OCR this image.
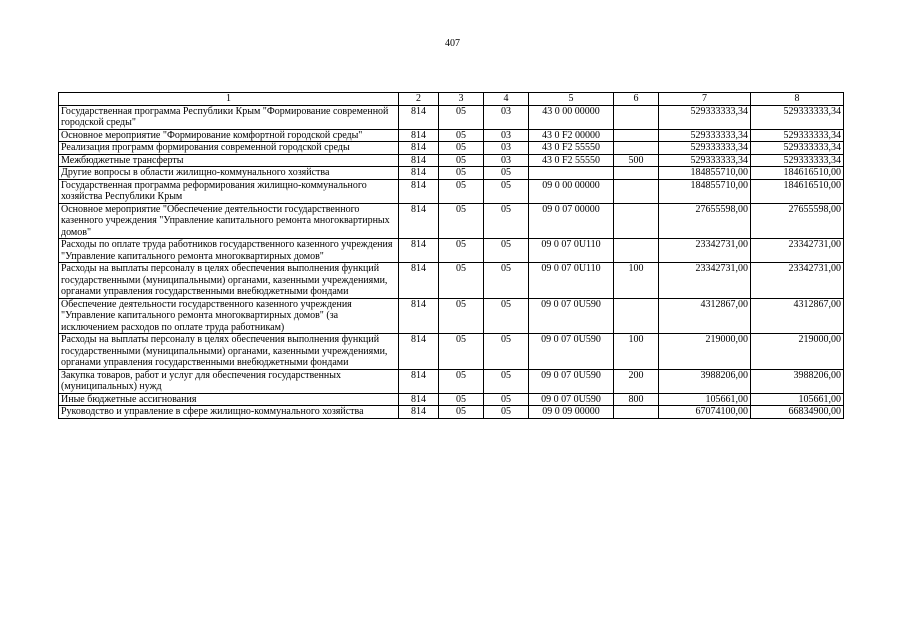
407
1	2	3	4	5	6	7	8
Государственная программа Республики Крым "Формирование современной городской среды"	814	05	03	43 0 00 00000		529333333,34	529333333,34
Основное мероприятие "Формирование комфортной городской среды"	814	05	03	43 0 F2 00000		529333333,34	529333333,34
Реализация программ формирования современной городской среды	814	05	03	43 0 F2 55550		529333333,34	529333333,34
Межбюджетные трансферты	814	05	03	43 0 F2 55550	500	529333333,34	529333333,34
Другие вопросы в области жилищно-коммунального хозяйства	814	05	05			184855710,00	184616510,00
Государственная программа реформирования жилищно-коммунального хозяйства Республики Крым	814	05	05	09 0 00 00000		184855710,00	184616510,00
Основное мероприятие "Обеспечение деятельности государственного казенного учреждения "Управление капитального ремонта многоквартирных домов"	814	05	05	09 0 07 00000		27655598,00	27655598,00
Расходы по оплате труда работников государственного казенного учреждения "Управление капитального ремонта многоквартирных домов"	814	05	05	09 0 07 0U110		23342731,00	23342731,00
Расходы на выплаты персоналу в целях обеспечения выполнения функций государственными (муниципальными) органами, казенными учреждениями, органами управления государственными внебюджетными фондами	814	05	05	09 0 07 0U110	100	23342731,00	23342731,00
Обеспечение деятельности государственного казенного учреждения "Управление капитального ремонта многоквартирных домов" (за исключением расходов по оплате труда работникам)	814	05	05	09 0 07 0U590		4312867,00	4312867,00
Расходы на выплаты персоналу в целях обеспечения выполнения функций государственными (муниципальными) органами, казенными учреждениями, органами управления государственными внебюджетными фондами	814	05	05	09 0 07 0U590	100	219000,00	219000,00
Закупка товаров, работ и услуг для обеспечения государственных (муниципальных) нужд	814	05	05	09 0 07 0U590	200	3988206,00	3988206,00
Иные бюджетные ассигнования	814	05	05	09 0 07 0U590	800	105661,00	105661,00
Руководство и управление в сфере жилищно-коммунального хозяйства	814	05	05	09 0 09 00000		67074100,00	66834900,00
